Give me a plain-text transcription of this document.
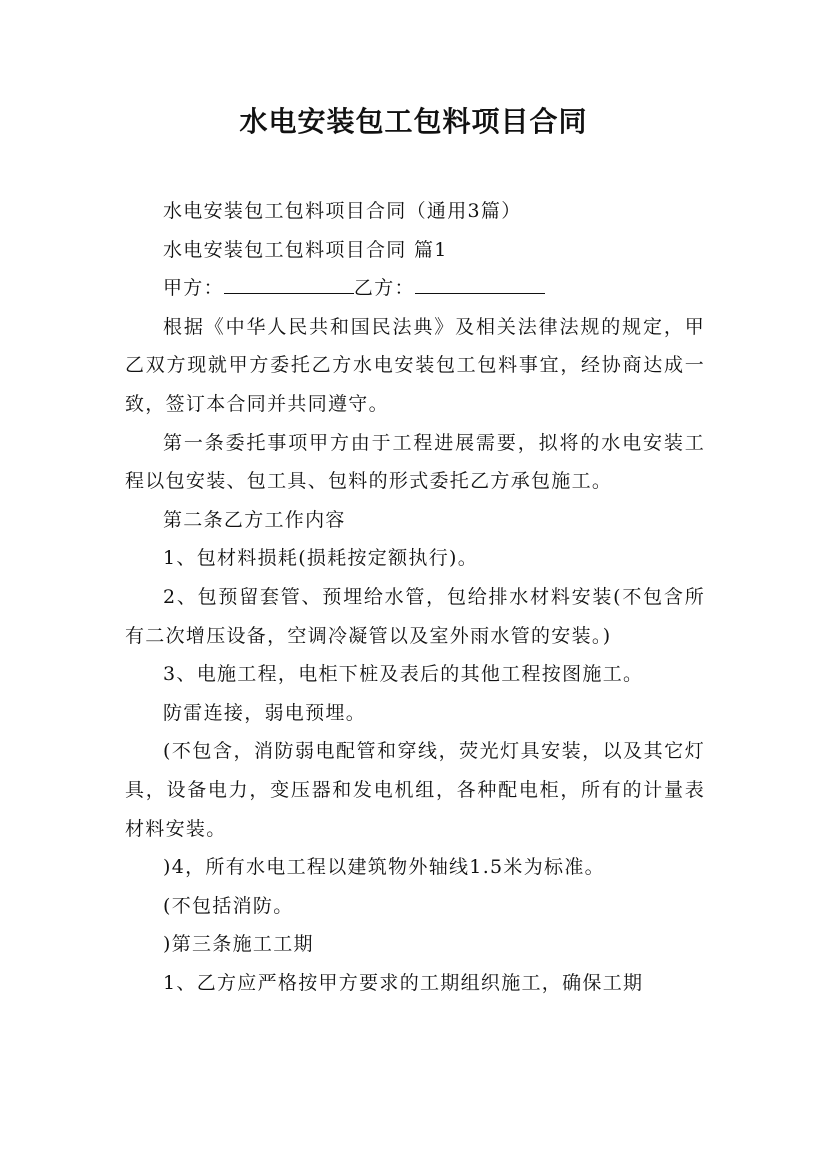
水电安装包工包料项目合同

水电安装包工包料项目合同（通用3篇）

水电安装包工包料项目合同 篇1

甲方：	乙方：

根据《中华人民共和国民法典》及相关法律法规的规定，甲乙双方现就甲方委托乙方水电安装包工包料事宜，经协商达成一致，签订本合同并共同遵守。

第一条委托事项甲方由于工程进展需要，拟将的水电安装工程以包安装、包工具、包料的形式委托乙方承包施工。

第二条乙方工作内容

1、包材料损耗(损耗按定额执行)。

2、包预留套管、预埋给水管，包给排水材料安装(不包含所有二次增压设备，空调冷凝管以及室外雨水管的安装。)

3、电施工程，电柜下桩及表后的其他工程按图施工。

防雷连接，弱电预埋。

(不包含，消防弱电配管和穿线，荧光灯具安装，以及其它灯具，设备电力，变压器和发电机组，各种配电柜，所有的计量表材料安装。

)4，所有水电工程以建筑物外轴线1.5米为标准。

(不包括消防。

)第三条施工工期

1、乙方应严格按甲方要求的工期组织施工，确保工期
